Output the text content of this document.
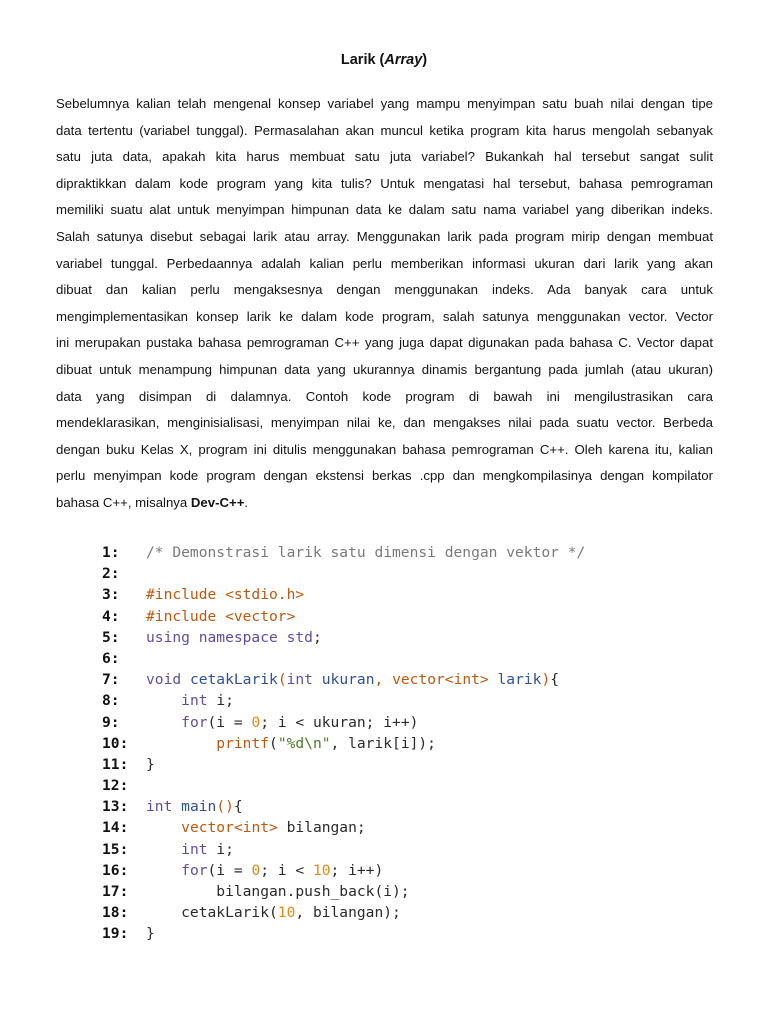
Larik (Array)
Sebelumnya kalian telah mengenal konsep variabel yang mampu menyimpan satu buah nilai dengan tipe
data tertentu (variabel tunggal). Permasalahan akan muncul ketika program kita harus mengolah sebanyak
satu juta data, apakah kita harus membuat satu juta variabel? Bukankah hal tersebut sangat sulit
dipraktikkan dalam kode program yang kita tulis? Untuk mengatasi hal tersebut, bahasa pemrograman
memiliki suatu alat untuk menyimpan himpunan data ke dalam satu nama variabel yang diberikan indeks.
Salah satunya disebut sebagai larik atau array. Menggunakan larik pada program mirip dengan membuat
variabel tunggal. Perbedaannya adalah kalian perlu memberikan informasi ukuran dari larik yang akan
dibuat dan kalian perlu mengaksesnya dengan menggunakan indeks. Ada banyak cara untuk
mengimplementasikan konsep larik ke dalam kode program, salah satunya menggunakan vector. Vector
ini merupakan pustaka bahasa pemrograman C++ yang juga dapat digunakan pada bahasa C. Vector dapat
dibuat untuk menampung himpunan data yang ukurannya dinamis bergantung pada jumlah (atau ukuran)
data yang disimpan di dalamnya. Contoh kode program di bawah ini mengilustrasikan cara
mendeklarasikan, menginisialisasi, menyimpan nilai ke, dan mengakses nilai pada suatu vector. Berbeda
dengan buku Kelas X, program ini ditulis menggunakan bahasa pemrograman C++. Oleh karena itu, kalian
perlu menyimpan kode program dengan ekstensi berkas .cpp dan mengkompilasinya dengan kompilator
bahasa C++, misalnya Dev-C++.
1: /* Demonstrasi larik satu dimensi dengan vektor */
2:
3: #include <stdio.h>
4: #include <vector>
5: using namespace std;
6:
7: void cetakLarik(int ukuran, vector<int> larik){
8:	int i;
9:	for(i = 0; i < ukuran; i++)
10:	printf("%d\n", larik[i]);
11: }
12:
13: int main(){
14:	vector<int> bilangan;
15:	int i;
16:	for(i = 0; i < 10; i++)
17:        bilangan.push_back(i);
18:    cetakLarik(10, bilangan);
19: }
